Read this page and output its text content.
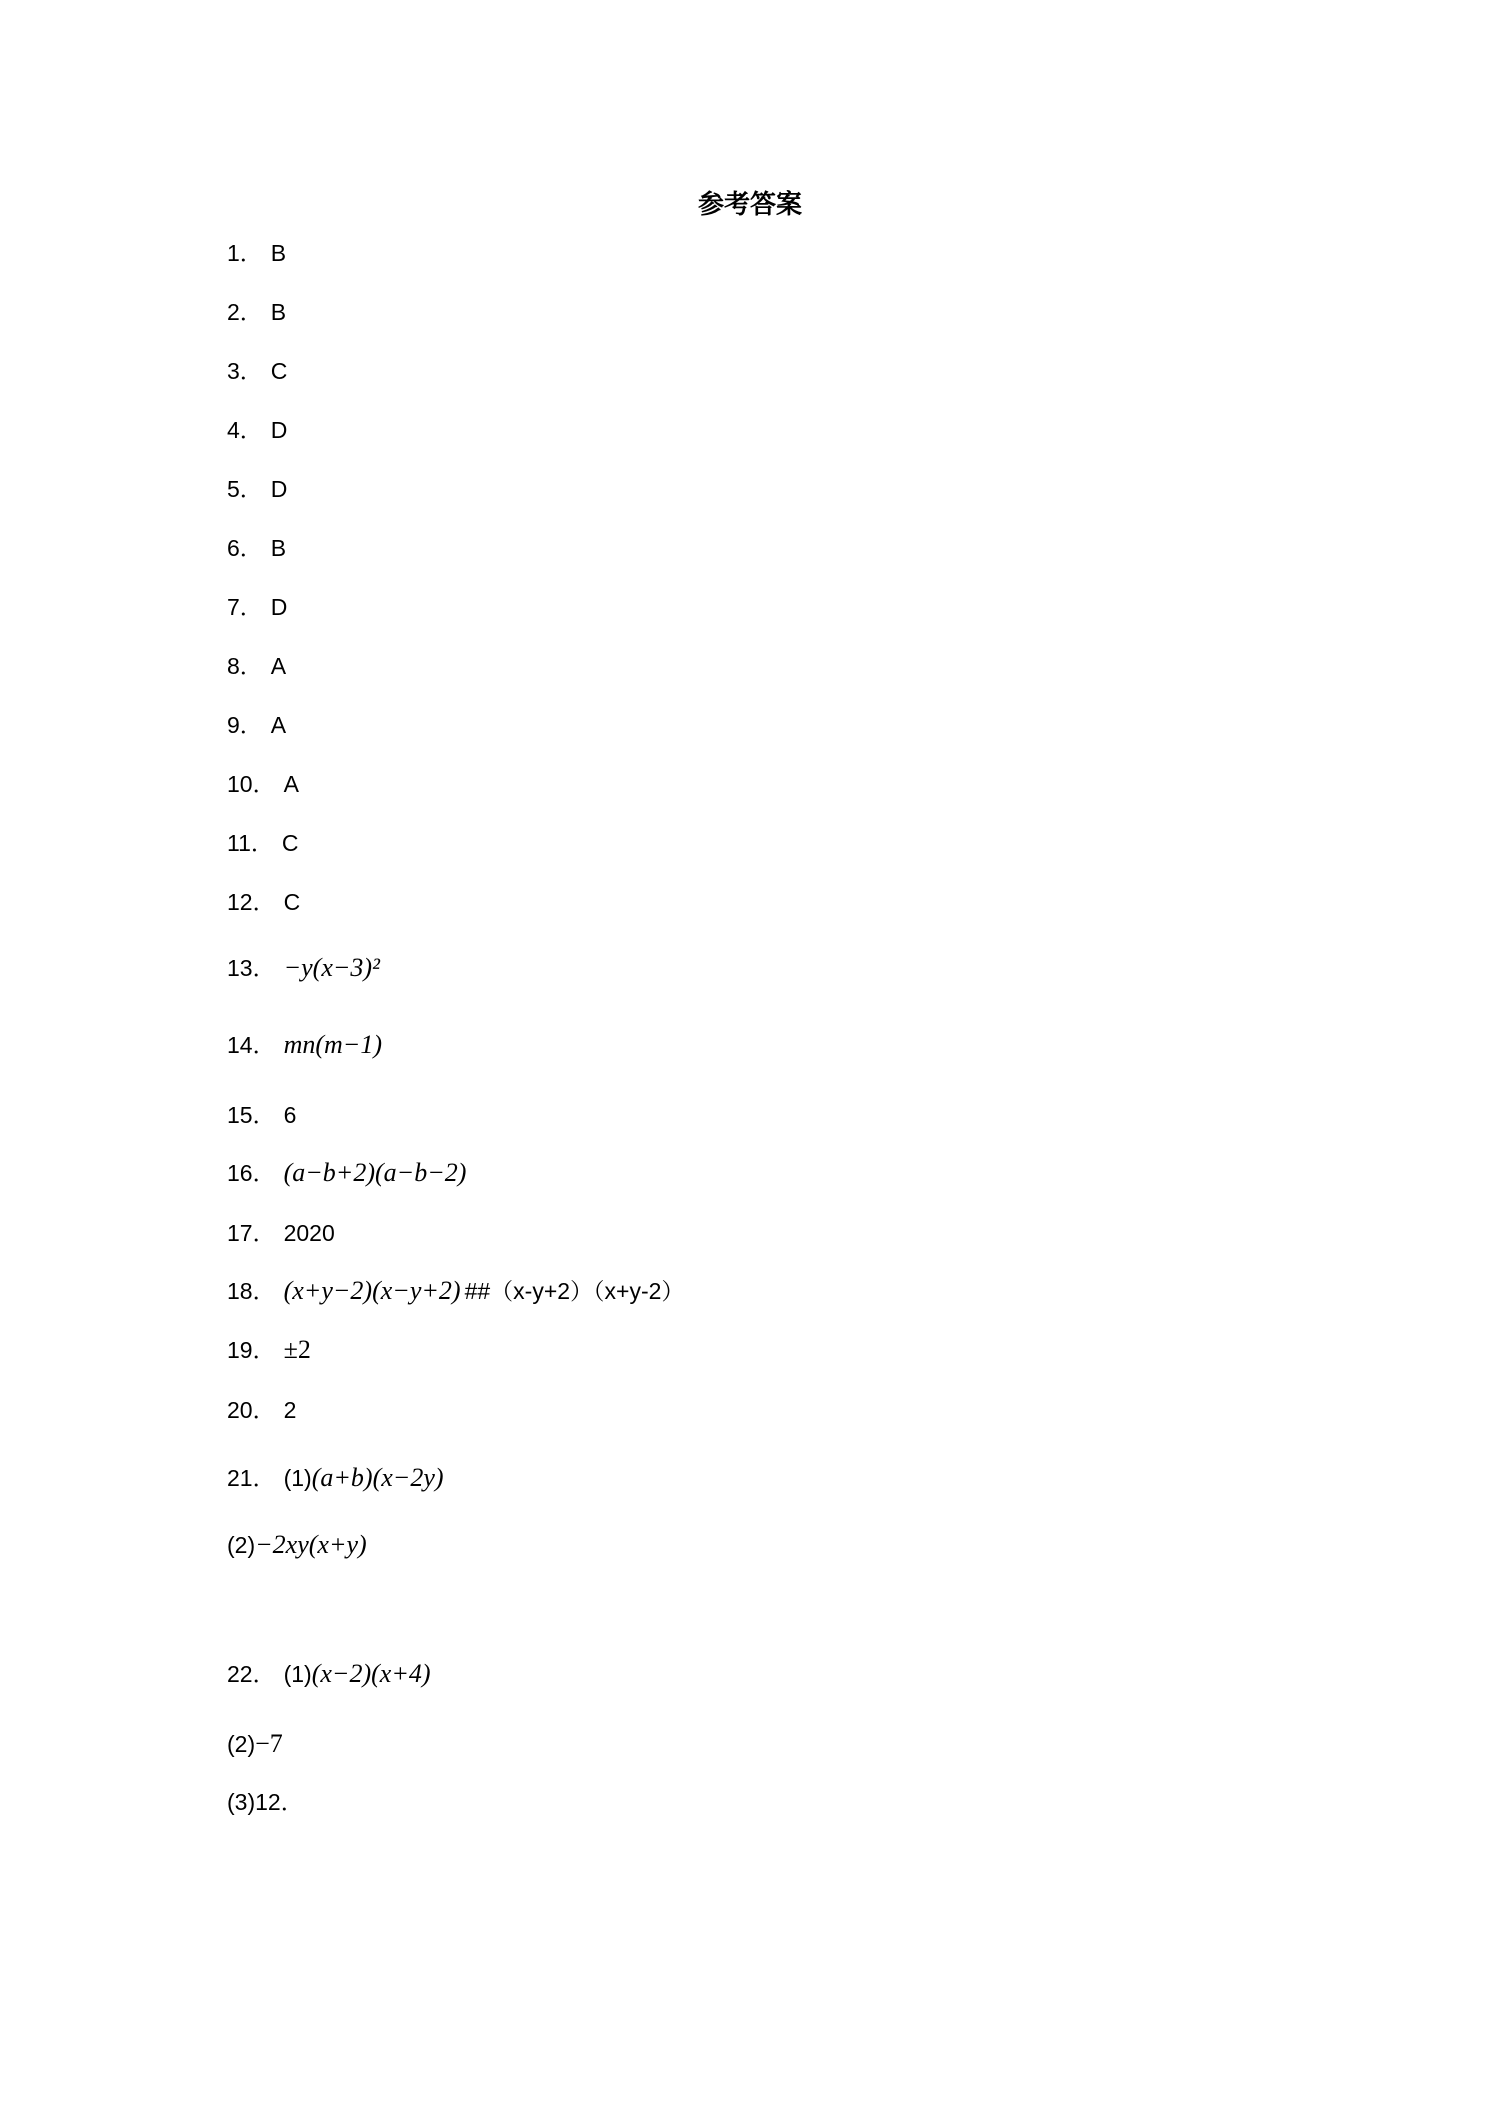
参考答案
1． B
2． B
3． C
4． D
5． D
6． B
7． D
8． A
9． A
10． A
11． C
12． C
13． −y(x−3)²
14． mn(m−1)
15． 6
16． (a−b+2)(a−b−2)
17． 2020
18． (x+y−2)(x−y+2) ##（x-y+2）（x+y-2）
19． ±2
20． 2
21． (1)(a+b)(x−2y)
(2)−2xy(x+y)
22． (1)(x−2)(x+4)
(2)−7
(3)12．
